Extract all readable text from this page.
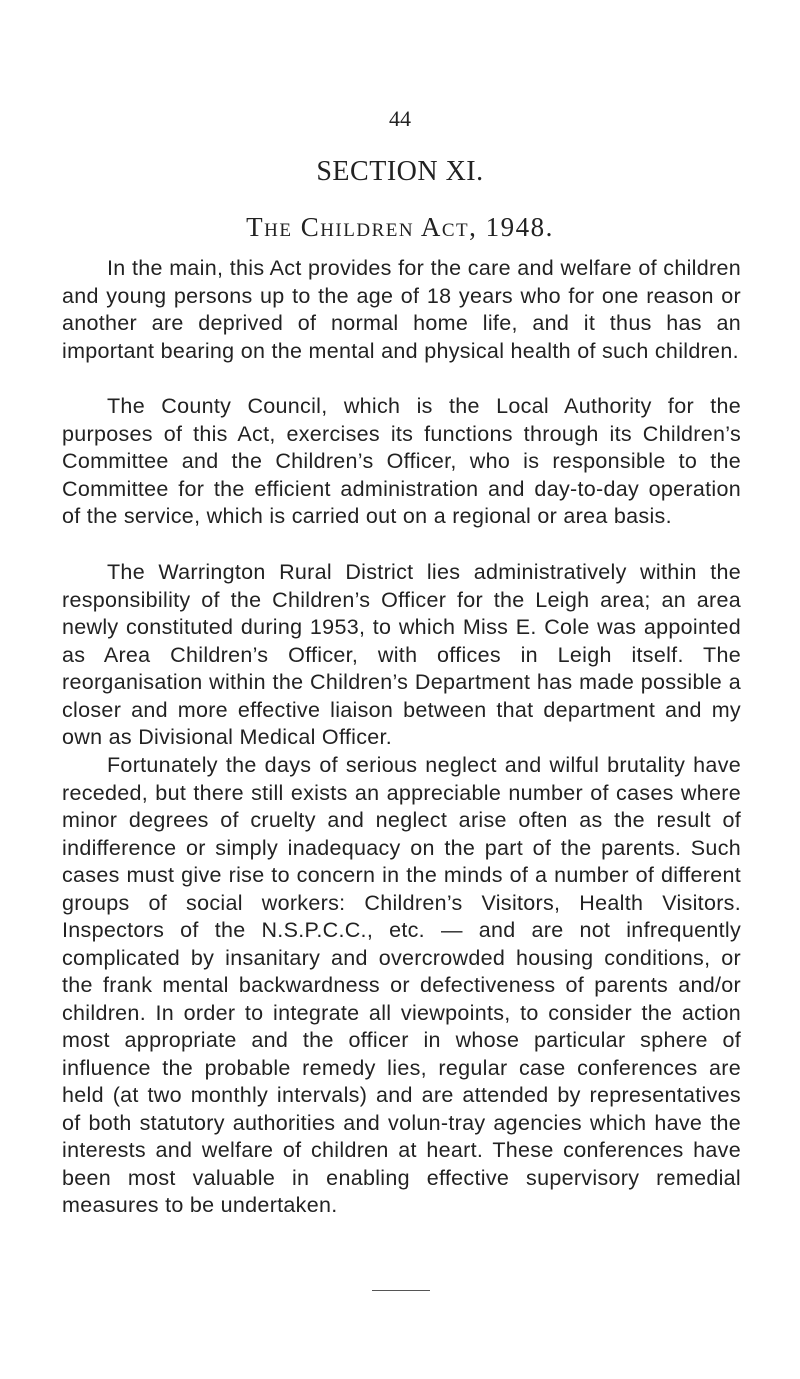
44
SECTION XI.
The Children Act, 1948.

In the main, this Act provides for the care and welfare of children and young persons up to the age of 18 years who for one reason or another are deprived of normal home life, and it thus has an important bearing on the mental and physical health of such children.

The County Council, which is the Local Authority for the purposes of this Act, exercises its functions through its Children’s Committee and the Children’s Officer, who is responsible to the Committee for the efficient administration and day-to-day operation of the service, which is carried out on a regional or area basis.

The Warrington Rural District lies administratively within the responsibility of the Children’s Officer for the Leigh area; an area newly constituted during 1953, to which Miss E. Cole was appointed as Area Children’s Officer, with offices in Leigh itself. The reorganisation within the Children’s Department has made possible a closer and more effective liaison between that department and my own as Divisional Medical Officer.

Fortunately the days of serious neglect and wilful brutality have receded, but there still exists an appreciable number of cases where minor degrees of cruelty and neglect arise often as the result of indifference or simply inadequacy on the part of the parents. Such cases must give rise to concern in the minds of a number of different groups of social workers: Children’s Visitors, Health Visitors. Inspectors of the N.S.P.C.C., etc. — and are not infrequently complicated by insanitary and overcrowded housing conditions, or the frank mental backwardness or defectiveness of parents and/or children. In order to integrate all viewpoints, to consider the action most appropriate and the officer in whose particular sphere of influence the probable remedy lies, regular case conferences are held (at two monthly intervals) and are attended by representatives of both statutory authorities and volun-tray agencies which have the interests and welfare of children at heart. These conferences have been most valuable in enabling effective supervisory remedial measures to be undertaken.
